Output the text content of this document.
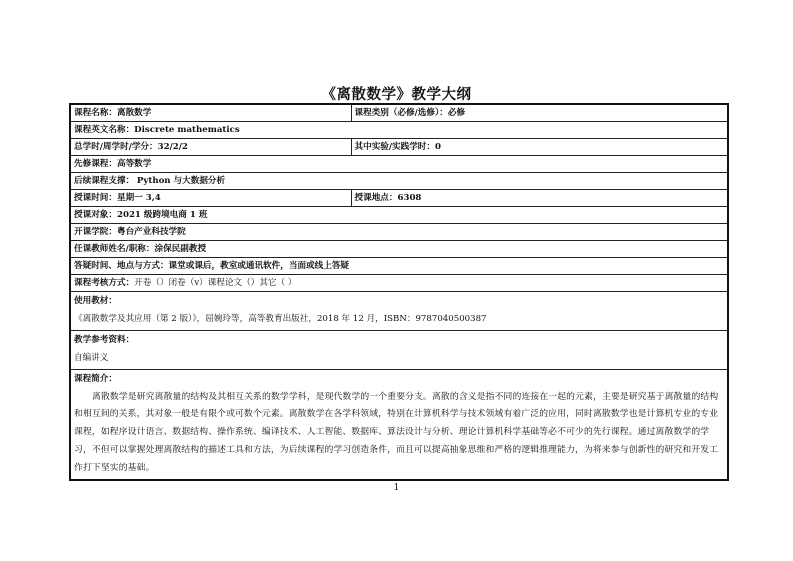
《离散数学》教学大纲
课程名称：离散数学	课程类别（必修/选修）：必修
课程英文名称：Discrete mathematics	
总学时/周学时/学分：32/2/2	其中实验/实践学时：0
先修课程：高等数学	
后续课程支撑： Python 与大数据分析	
授课时间：星期一 3,4	授课地点：6308
授课对象：2021 级跨境电商 1 班	
开课学院：粤台产业科技学院	
任课教师姓名/职称：涂保民副教授	
答疑时间、地点与方式：课堂或课后，教室或通讯软件，当面或线上答疑	
课程考核方式：开卷（）闭卷（v）课程论文（）其它（ ）	

使用教材：
《离散数学及其应用（第 2 版）》，屈婉玲等，高等教育出版社，2018 年 12 月，ISBN：9787040500387	

教学参考资料：
自编讲义	

课程简介：
离散数学是研究离散量的结构及其相互关系的数学学科，是现代数学的一个重要分支。离散的含义是指不同的连接在一起的元素，主要是研究基于离散量的结构和相互间的关系，其对象一般是有限个或可数个元素。离散数学在各学科领域，特别在计算机科学与技术领域有着广泛的应用，同时离散数学也是计算机专业的专业课程，如程序设计语言、数据结构、操作系统、编译技术、人工智能、数据库、算法设计与分析、理论计算机科学基础等必不可少的先行课程。通过离散数学的学习，不但可以掌握处理离散结构的描述工具和方法，为后续课程的学习创造条件，而且可以提高抽象思维和严格的逻辑推理能力，为将来参与创新性的研究和开发工作打下坚实的基础。	
1
